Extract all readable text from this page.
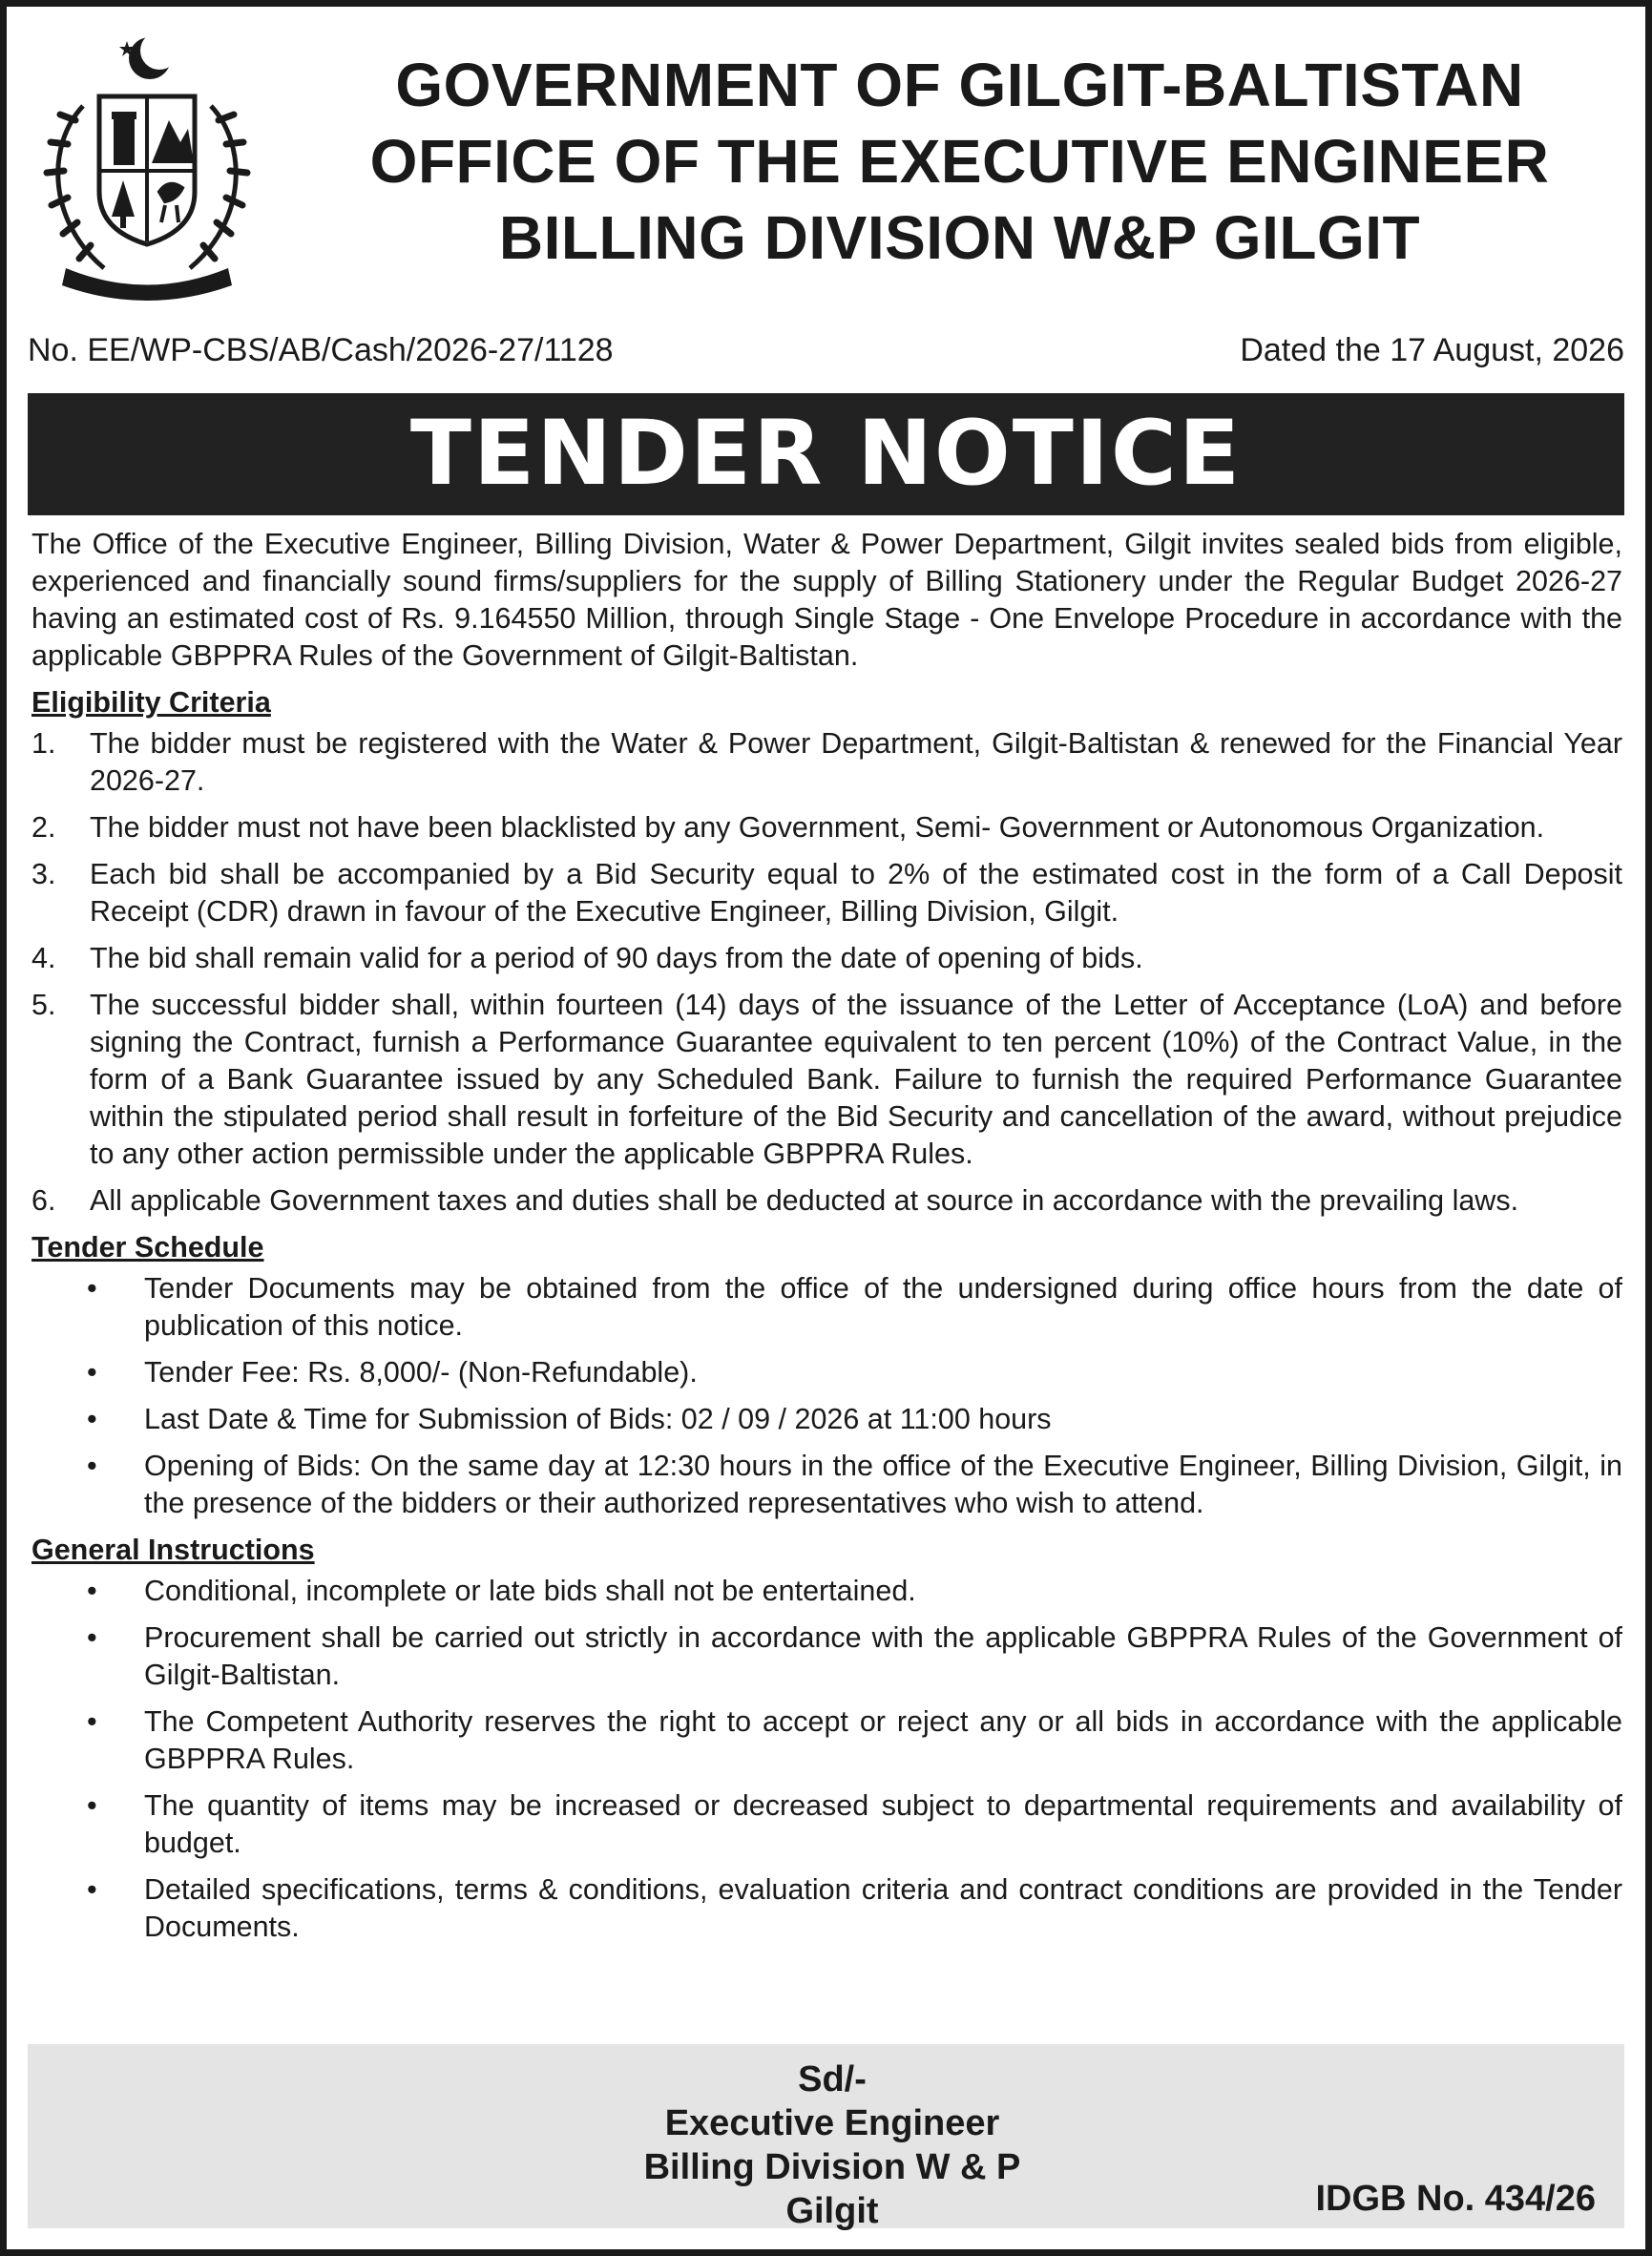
GOVERNMENT OF GILGIT-BALTISTAN
OFFICE OF THE EXECUTIVE ENGINEER
BILLING DIVISION W&P GILGIT
No. EE/WP-CBS/AB/Cash/2026-27/1128	Dated the 17 August, 2026
TENDER NOTICE

The Office of the Executive Engineer, Billing Division, Water & Power Department, Gilgit invites sealed bids from eligible, experienced and financially sound firms/suppliers for the supply of Billing Stationery under the Regular Budget 2026-27 having an estimated cost of Rs. 9.164550 Million, through Single Stage - One Envelope Procedure in accordance with the applicable GBPPRA Rules of the Government of Gilgit-Baltistan.

Eligibility Criteria
1. The bidder must be registered with the Water & Power Department, Gilgit-Baltistan & renewed for the Financial Year 2026-27.
2. The bidder must not have been blacklisted by any Government, Semi- Government or Autonomous Organization.
3. Each bid shall be accompanied by a Bid Security equal to 2% of the estimated cost in the form of a Call Deposit Receipt (CDR) drawn in favour of the Executive Engineer, Billing Division, Gilgit.
4. The bid shall remain valid for a period of 90 days from the date of opening of bids.
5. The successful bidder shall, within fourteen (14) days of the issuance of the Letter of Acceptance (LoA) and before signing the Contract, furnish a Performance Guarantee equivalent to ten percent (10%) of the Contract Value, in the form of a Bank Guarantee issued by any Scheduled Bank. Failure to furnish the required Performance Guarantee within the stipulated period shall result in forfeiture of the Bid Security and cancellation of the award, without prejudice to any other action permissible under the applicable GBPPRA Rules.
6. All applicable Government taxes and duties shall be deducted at source in accordance with the prevailing laws.
Tender Schedule
• Tender Documents may be obtained from the office of the undersigned during office hours from the date of publication of this notice.
• Tender Fee: Rs. 8,000/- (Non-Refundable).
• Last Date & Time for Submission of Bids: 02 / 09 / 2026 at 11:00 hours
• Opening of Bids: On the same day at 12:30 hours in the office of the Executive Engineer, Billing Division, Gilgit, in the presence of the bidders or their authorized representatives who wish to attend.
General Instructions
• Conditional, incomplete or late bids shall not be entertained.
• Procurement shall be carried out strictly in accordance with the applicable GBPPRA Rules of the Government of Gilgit-Baltistan.
• The Competent Authority reserves the right to accept or reject any or all bids in accordance with the applicable GBPPRA Rules.
• The quantity of items may be increased or decreased subject to departmental requirements and availability of budget.
• Detailed specifications, terms & conditions, evaluation criteria and contract conditions are provided in the Tender Documents.
Sd/-
Executive Engineer
Billing Division W & P
Gilgit	IDGB No. 434/26
